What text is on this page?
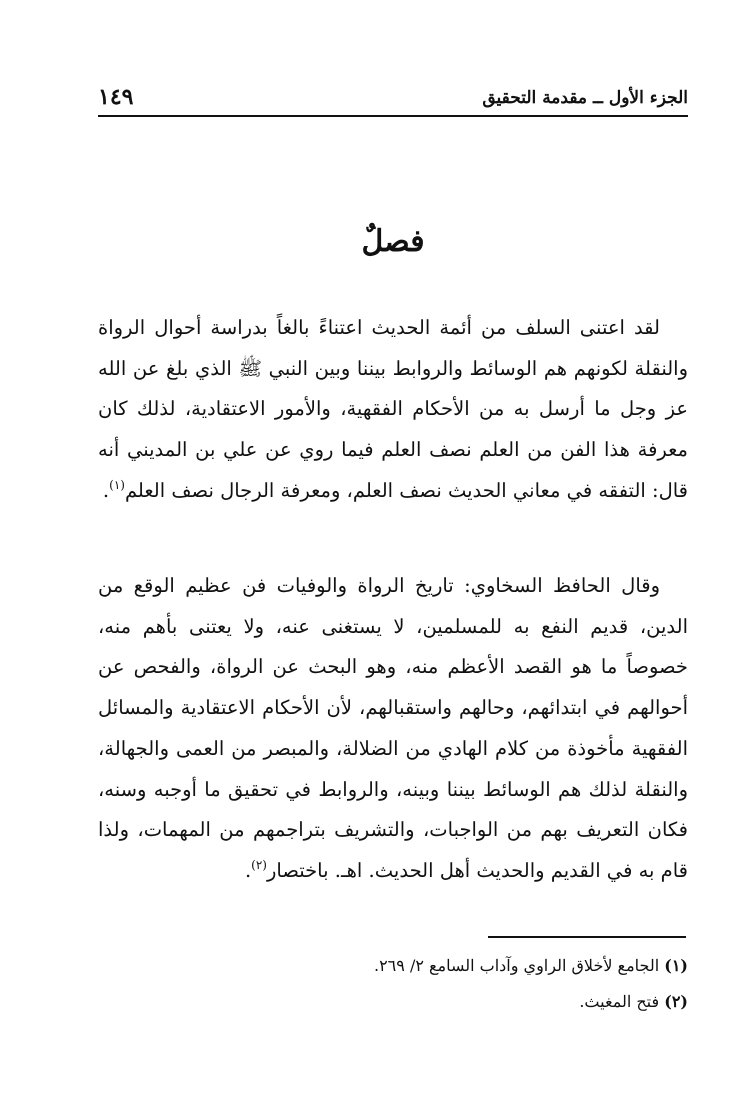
الجزء الأول ــ مقدمة التحقيق
١٤٩
فصلٌ

لقد اعتنى السلف من أئمة الحديث اعتناءً بالغاً بدراسة أحوال الرواة والنقلة لكونهم هم الوسائط والروابط بيننا وبين النبي ﷺ الذي بلغ عن الله عز وجل ما أرسل به من الأحكام الفقهية، والأمور الاعتقادية، لذلك كان معرفة هذا الفن من العلم نصف العلم فيما روي عن علي بن المديني أنه قال: التفقه في معاني الحديث نصف العلم، ومعرفة الرجال نصف العلم$^{(١)}$.

وقال الحافظ السخاوي: تاريخ الرواة والوفيات فن عظيم الوقع من الدين، قديم النفع به للمسلمين، لا يستغنى عنه، ولا يعتنى بأهم منه، خصوصاً ما هو القصد الأعظم منه، وهو البحث عن الرواة، والفحص عن أحوالهم في ابتدائهم، وحالهم واستقبالهم، لأن الأحكام الاعتقادية والمسائل الفقهية مأخوذة من كلام الهادي من الضلالة، والمبصر من العمى والجهالة، والنقلة لذلك هم الوسائط بيننا وبينه، والروابط في تحقيق ما أوجبه وسنه، فكان التعريف بهم من الواجبات، والتشريف بتراجمهم من المهمات، ولذا قام به في القديم والحديث أهل الحديث. اهـ. باختصار$^{(٢)}$.

(١) الجامع لأخلاق الراوي وآداب السامع ٢/ ٢٦٩.
(٢) فتح المغيث.
